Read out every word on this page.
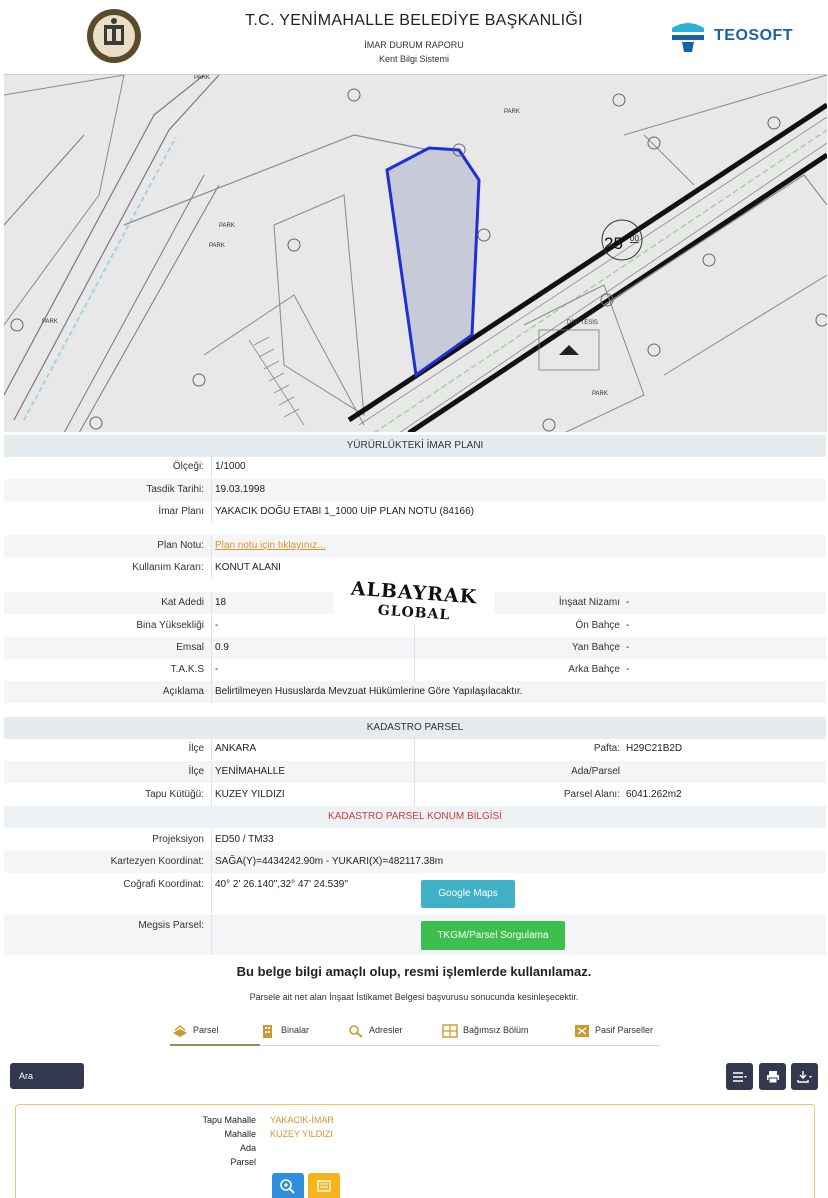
1984
T.C. YENİMAHALLE BELEDİYE BAŞKANLIĞI
İMAR DURUM RAPORU
Kent Bilgi Sistemi
TEOSOFT
25 00
PARK
PARK
PARK
PARK
PARK
PARK
DİNİ TESİS
YÜRÜRLÜKTEKİ İMAR PLANI
Ölçeği: 1/1000
Tasdik Tarihi: 19.03.1998
İmar Planı YAKACIK DOĞU ETABI 1_1000 UİP PLAN NOTU (84166)
Plan Notu: Plan notu için tıklayınız...
Kullanım Kararı: KONUT ALANI
Kat Adedi 18	İnşaat Nizamı -
Bina Yüksekliği -	Ön Bahçe -
Emsal 0.9	Yan Bahçe -
T.A.K.S -	Arka Bahçe -
Açıklama Belirtilmeyen Hususlarda Mevzuat Hükümlerine Göre Yapılaşılacaktır.
ALBAYRAK
GLOBAL
KADASTRO PARSEL
İlçe ANKARA	Pafta: H29C21B2D
İlçe YENİMAHALLE	Ada/Parsel
Tapu Kütüğü: KUZEY YILDIZI	Parsel Alanı: 6041.262m2
KADASTRO PARSEL KONUM BİLGİSİ
Projeksiyon ED50 / TM33
Kartezyen Koordinat: SAĞA(Y)=4434242.90m - YUKARI(X)=482117.38m
Coğrafi Koordinat: 40° 2' 26.140",32° 47' 24.539"
Megsis Parsel:
Google Maps
TKGM/Parsel Sorgulama
Bu belge bilgi amaçlı olup, resmi işlemlerde kullanılamaz.
Parsele ait net alan İnşaat İstikamet Belgesi başvurusu sonucunda kesinleşecektir.
Parsel	Binalar	Adresler	Bağımsız Bölüm	Pasif Parseller
Ara
Tapu Mahalle YAKACIK-İMAR
Mahalle KUZEY YILDIZI
Ada
Parsel
